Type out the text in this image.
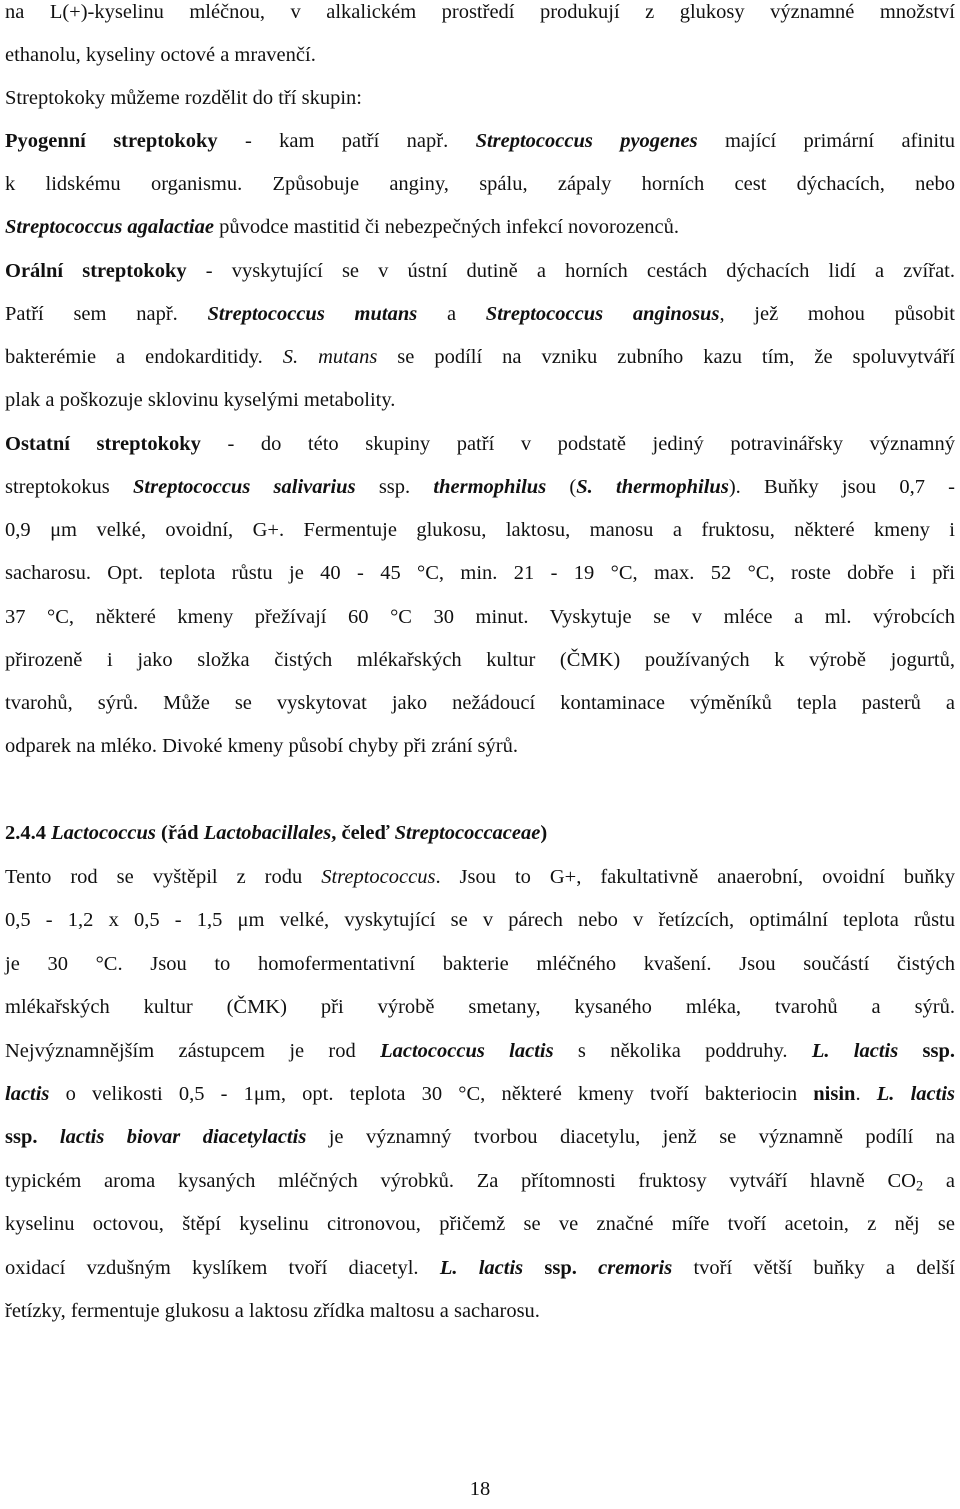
na L(+)-kyselinu mléčnou, v alkalickém prostředí produkují z glukosy významné množství
ethanolu, kyseliny octové a mravenčí.
Streptokoky můžeme rozdělit do tří skupin:
Pyogenní streptokoky - kam patří např. Streptococcus pyogenes mající primární afinitu
k lidskému organismu. Způsobuje anginy, spálu, zápaly horních cest dýchacích, nebo
Streptococcus agalactiae původce mastitid či nebezpečných infekcí novorozenců.
Orální streptokoky - vyskytující se v ústní dutině a horních cestách dýchacích lidí a zvířat.
Patří sem např. Streptococcus mutans a Streptococcus anginosus, jež mohou působit
bakterémie a endokarditidy. S. mutans se podílí na vzniku zubního kazu tím, že spoluvytváří
plak a poškozuje sklovinu kyselými metabolity.
Ostatní streptokoky - do této skupiny patří v podstatě jediný potravinářsky významný
streptokokus Streptococcus salivarius ssp. thermophilus (S. thermophilus). Buňky jsou 0,7 -
0,9 μm velké, ovoidní, G+. Fermentuje glukosu, laktosu, manosu a fruktosu, některé kmeny i
sacharosu. Opt. teplota růstu je 40 - 45 °C, min. 21 - 19 °C, max. 52 °C, roste dobře i při
37 °C, některé kmeny přežívají 60 °C 30 minut. Vyskytuje se v mléce a ml. výrobcích
přirozeně i jako složka čistých mlékařských kultur (ČMK) používaných k výrobě jogurtů,
tvarohů, sýrů. Může se vyskytovat jako nežádoucí kontaminace výměníků tepla pasterů a
odparek na mléko. Divoké kmeny působí chyby při zrání sýrů.
2.4.4 Lactococcus (řád Lactobacillales, čeleď Streptococcaceae)
Tento rod se vyštěpil z rodu Streptococcus. Jsou to G+, fakultativně anaerobní, ovoidní buňky
0,5 - 1,2 x 0,5 - 1,5 μm velké, vyskytující se v párech nebo v řetízcích, optimální teplota růstu
je 30 °C. Jsou to homofermentativní bakterie mléčného kvašení. Jsou součástí čistých
mlékařských kultur (ČMK) při výrobě smetany, kysaného mléka, tvarohů a sýrů.
Nejvýznamnějším zástupcem je rod Lactococcus lactis s několika poddruhy. L. lactis ssp.
lactis o velikosti 0,5 - 1μm, opt. teplota 30 °C, některé kmeny tvoří bakteriocin nisin. L. lactis
ssp. lactis biovar diacetylactis je významný tvorbou diacetylu, jenž se významně podílí na
typickém aroma kysaných mléčných výrobků. Za přítomnosti fruktosy vytváří hlavně $CO_2$ a
kyselinu octovou, štěpí kyselinu citronovou, přičemž se ve značné míře tvoří acetoin, z něj se
oxidací vzdušným kyslíkem tvoří diacetyl. L. lactis ssp. cremoris tvoří větší buňky a delší
řetízky, fermentuje glukosu a laktosu zřídka maltosu a sacharosu.
18
